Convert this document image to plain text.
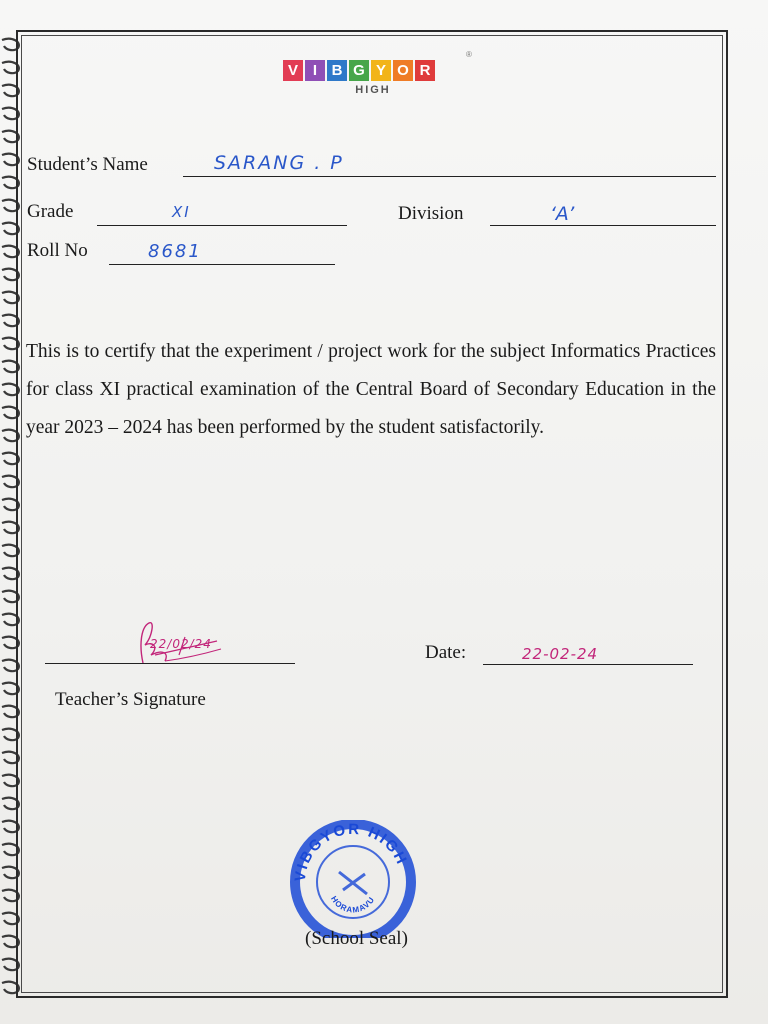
V I B G Y O R
HIGH
®
Student’s Name	SARANG . P
Grade	XI	Division	‘A’
Roll No	8681
This is to certify that the experiment / project work for the subject Informatics Practices for class XI practical examination of the Central Board of Secondary Education in the year 2023 – 2024 has been performed by the student satisfactorily.
22/02/24
Teacher’s Signature
Date:	22-02-24
VIBGYOR HIGH
HORAMAVU
(School Seal)
